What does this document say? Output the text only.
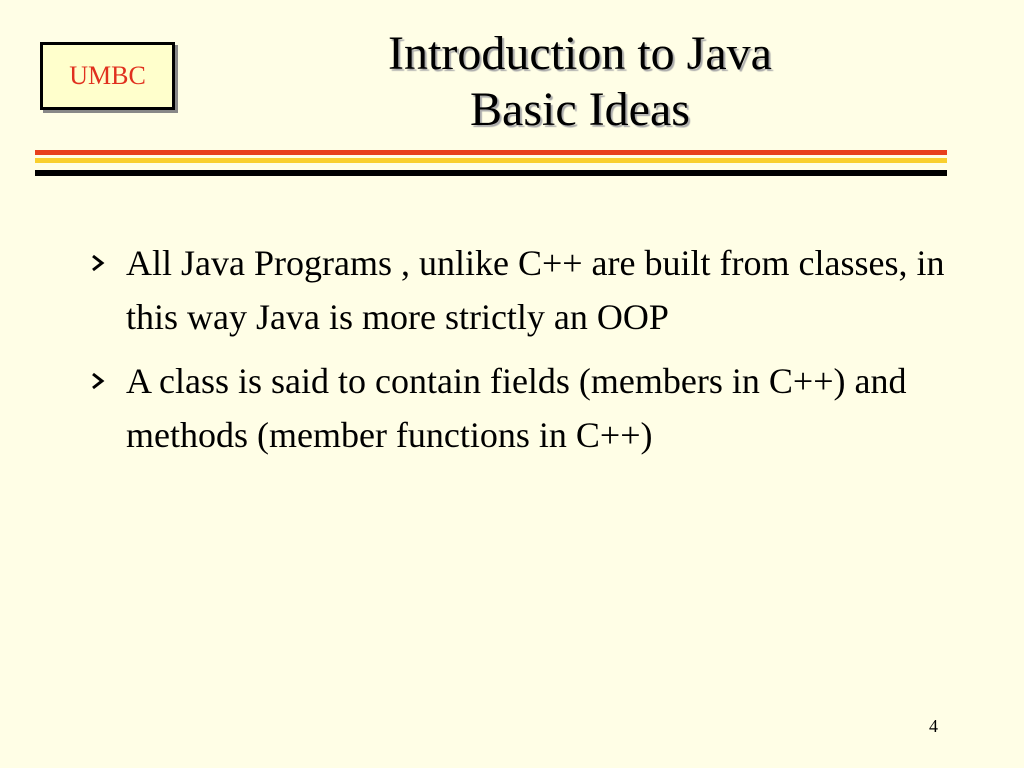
UMBC	Introduction to Java
Basic Ideas
All Java Programs , unlike C++ are built from classes, in this way Java is more strictly an OOP
A class is said to contain fields (members in C++) and methods (member functions in C++)
4
